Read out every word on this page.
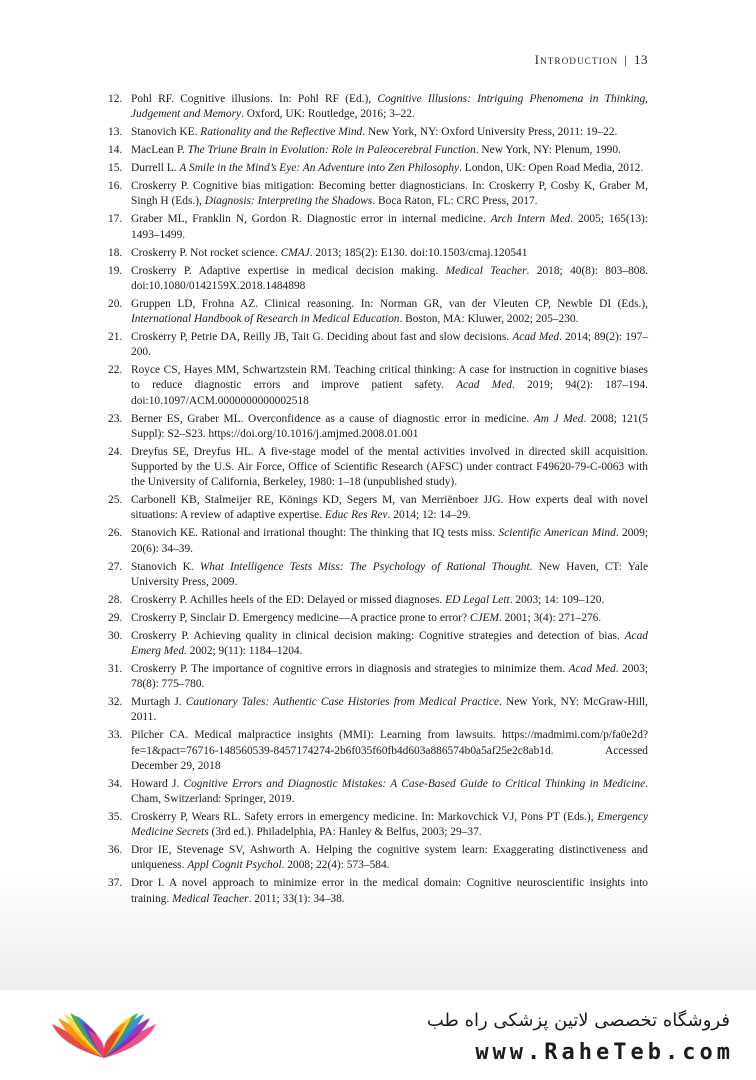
Introduction | 13
12. Pohl RF. Cognitive illusions. In: Pohl RF (Ed.), Cognitive Illusions: Intriguing Phenomena in Thinking, Judgement and Memory. Oxford, UK: Routledge, 2016; 3–22.
13. Stanovich KE. Rationality and the Reflective Mind. New York, NY: Oxford University Press, 2011: 19–22.
14. MacLean P. The Triune Brain in Evolution: Role in Paleocerebral Function. New York, NY: Plenum, 1990.
15. Durrell L. A Smile in the Mind’s Eye: An Adventure into Zen Philosophy. London, UK: Open Road Media, 2012.
16. Croskerry P. Cognitive bias mitigation: Becoming better diagnosticians. In: Croskerry P, Cosby K, Graber M, Singh H (Eds.), Diagnosis: Interpreting the Shadows. Boca Raton, FL: CRC Press, 2017.
17. Graber ML, Franklin N, Gordon R. Diagnostic error in internal medicine. Arch Intern Med. 2005; 165(13): 1493–1499.
18. Croskerry P. Not rocket science. CMAJ. 2013; 185(2): E130. doi:10.1503/cmaj.120541
19. Croskerry P. Adaptive expertise in medical decision making. Medical Teacher. 2018; 40(8): 803–808. doi:10.1080/0142159X.2018.1484898
20. Gruppen LD, Frohna AZ. Clinical reasoning. In: Norman GR, van der Vleuten CP, Newble DI (Eds.), International Handbook of Research in Medical Education. Boston, MA: Kluwer, 2002; 205–230.
21. Croskerry P, Petrie DA, Reilly JB, Tait G. Deciding about fast and slow decisions. Acad Med. 2014; 89(2): 197–200.
22. Royce CS, Hayes MM, Schwartzstein RM. Teaching critical thinking: A case for instruction in cognitive biases to reduce diagnostic errors and improve patient safety. Acad Med. 2019; 94(2): 187–194. doi:10.1097/ACM.0000000000002518
23. Berner ES, Graber ML. Overconfidence as a cause of diagnostic error in medicine. Am J Med. 2008; 121(5 Suppl): S2–S23. https://doi.org/10.1016/j.amjmed.2008.01.001
24. Dreyfus SE, Dreyfus HL. A five-stage model of the mental activities involved in directed skill acquisition. Supported by the U.S. Air Force, Office of Scientific Research (AFSC) under contract F49620-79-C-0063 with the University of California, Berkeley, 1980: 1–18 (unpublished study).
25. Carbonell KB, Stalmeijer RE, Könings KD, Segers M, van Merriënboer JJG. How experts deal with novel situations: A review of adaptive expertise. Educ Res Rev. 2014; 12: 14–29.
26. Stanovich KE. Rational and irrational thought: The thinking that IQ tests miss. Scientific American Mind. 2009; 20(6): 34–39.
27. Stanovich K. What Intelligence Tests Miss: The Psychology of Rational Thought. New Haven, CT: Yale University Press, 2009.
28. Croskerry P. Achilles heels of the ED: Delayed or missed diagnoses. ED Legal Lett. 2003; 14: 109–120.
29. Croskerry P, Sinclair D. Emergency medicine—A practice prone to error? CJEM. 2001; 3(4): 271–276.
30. Croskerry P. Achieving quality in clinical decision making: Cognitive strategies and detection of bias. Acad Emerg Med. 2002; 9(11): 1184–1204.
31. Croskerry P. The importance of cognitive errors in diagnosis and strategies to minimize them. Acad Med. 2003; 78(8): 775–780.
32. Murtagh J. Cautionary Tales: Authentic Case Histories from Medical Practice. New York, NY: McGraw-Hill, 2011.
33. Pilcher CA. Medical malpractice insights (MMI): Learning from lawsuits. https://madmimi.com/p/fa0e2d?fe=1&pact=76716-148560539-8457174274-2b6f035f60fb4d603a886574b0a5af25e2c8ab1d. Accessed December 29, 2018
34. Howard J. Cognitive Errors and Diagnostic Mistakes: A Case-Based Guide to Critical Thinking in Medicine. Cham, Switzerland: Springer, 2019.
35. Croskerry P, Wears RL. Safety errors in emergency medicine. In: Markovchick VJ, Pons PT (Eds.), Emergency Medicine Secrets (3rd ed.). Philadelphia, PA: Hanley & Belfus, 2003; 29–37.
36. Dror IE, Stevenage SV, Ashworth A. Helping the cognitive system learn: Exaggerating distinctiveness and uniqueness. Appl Cognit Psychol. 2008; 22(4): 573–584.
37. Dror I. A novel approach to minimize error in the medical domain: Cognitive neuroscientific insights into training. Medical Teacher. 2011; 33(1): 34–38.
فروشگاه تخصصی لاتین پزشکی راه طب
www.RaheTeb.com
